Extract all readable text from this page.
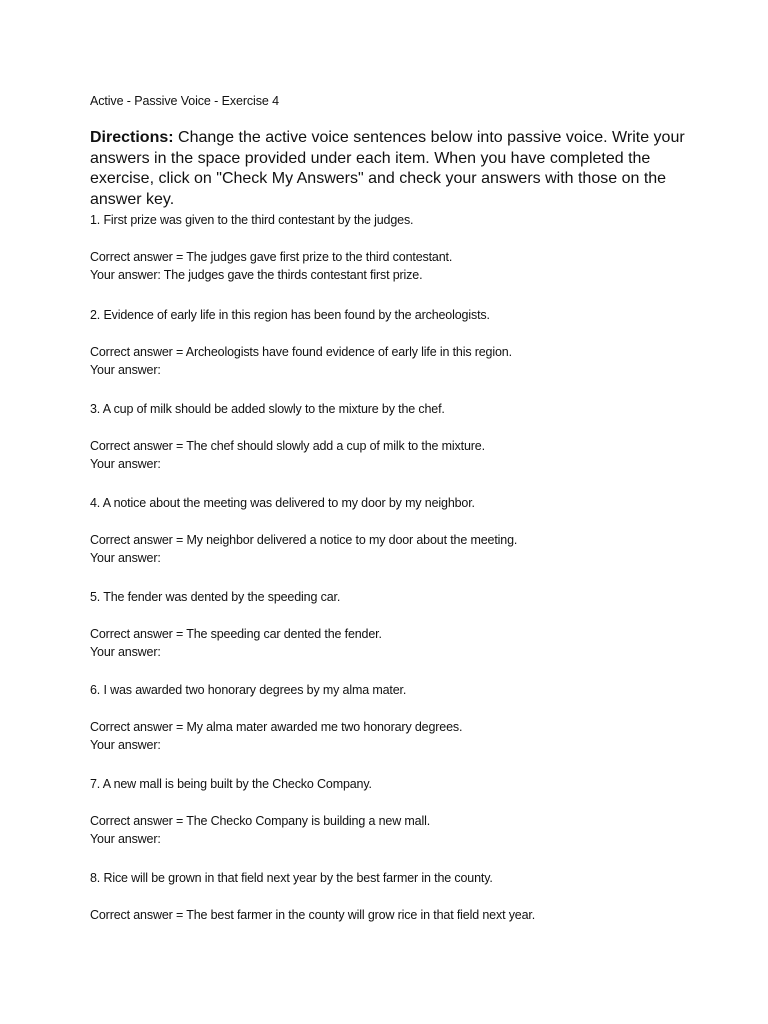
Active - Passive Voice - Exercise 4
Directions: Change the active voice sentences below into passive voice. Write your answers in the space provided under each item. When you have completed the exercise, click on "Check My Answers" and check your answers with those on the answer key.
1. First prize was given to the third contestant by the judges.
Correct answer = The judges gave first prize to the third contestant.
Your answer: The judges gave the thirds contestant first prize.
2. Evidence of early life in this region has been found by the archeologists.
Correct answer = Archeologists have found evidence of early life in this region.
Your answer:
3. A cup of milk should be added slowly to the mixture by the chef.
Correct answer = The chef should slowly add a cup of milk to the mixture.
Your answer:
4. A notice about the meeting was delivered to my door by my neighbor.
Correct answer = My neighbor delivered a notice to my door about the meeting.
Your answer:
5. The fender was dented by the speeding car.
Correct answer = The speeding car dented the fender.
Your answer:
6. I was awarded two honorary degrees by my alma mater.
Correct answer = My alma mater awarded me two honorary degrees.
Your answer:
7. A new mall is being built by the Checko Company.
Correct answer = The Checko Company is building a new mall.
Your answer:
8. Rice will be grown in that field next year by the best farmer in the county.
Correct answer = The best farmer in the county will grow rice in that field next year.
